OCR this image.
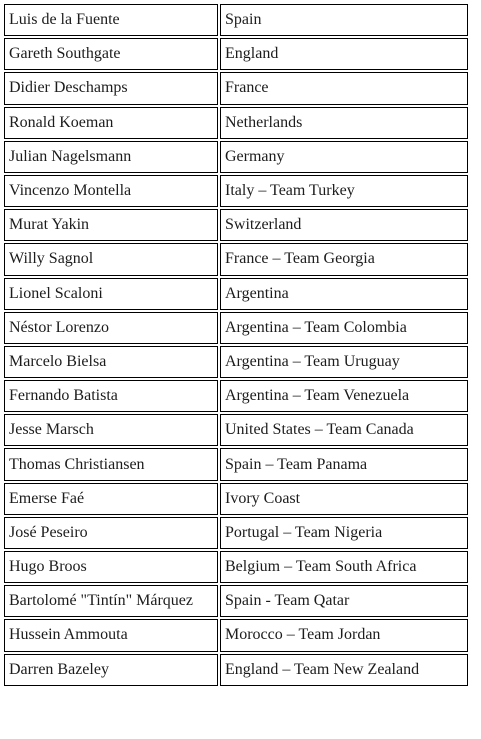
Luis de la Fuente	Spain
Gareth Southgate	England
Didier Deschamps	France
Ronald Koeman	Netherlands
Julian Nagelsmann	Germany
Vincenzo Montella	Italy – Team Turkey
Murat Yakin	Switzerland
Willy Sagnol	France – Team Georgia
Lionel Scaloni	Argentina
Néstor Lorenzo	Argentina – Team Colombia
Marcelo Bielsa	Argentina – Team Uruguay
Fernando Batista	Argentina – Team Venezuela
Jesse Marsch	United States – Team Canada
Thomas Christiansen	Spain – Team Panama
Emerse Faé	Ivory Coast
José Peseiro	Portugal – Team Nigeria
Hugo Broos	Belgium – Team South Africa
Bartolomé "Tintín" Márquez	Spain - Team Qatar
Hussein Ammouta	Morocco – Team Jordan
Darren Bazeley	England – Team New Zealand
